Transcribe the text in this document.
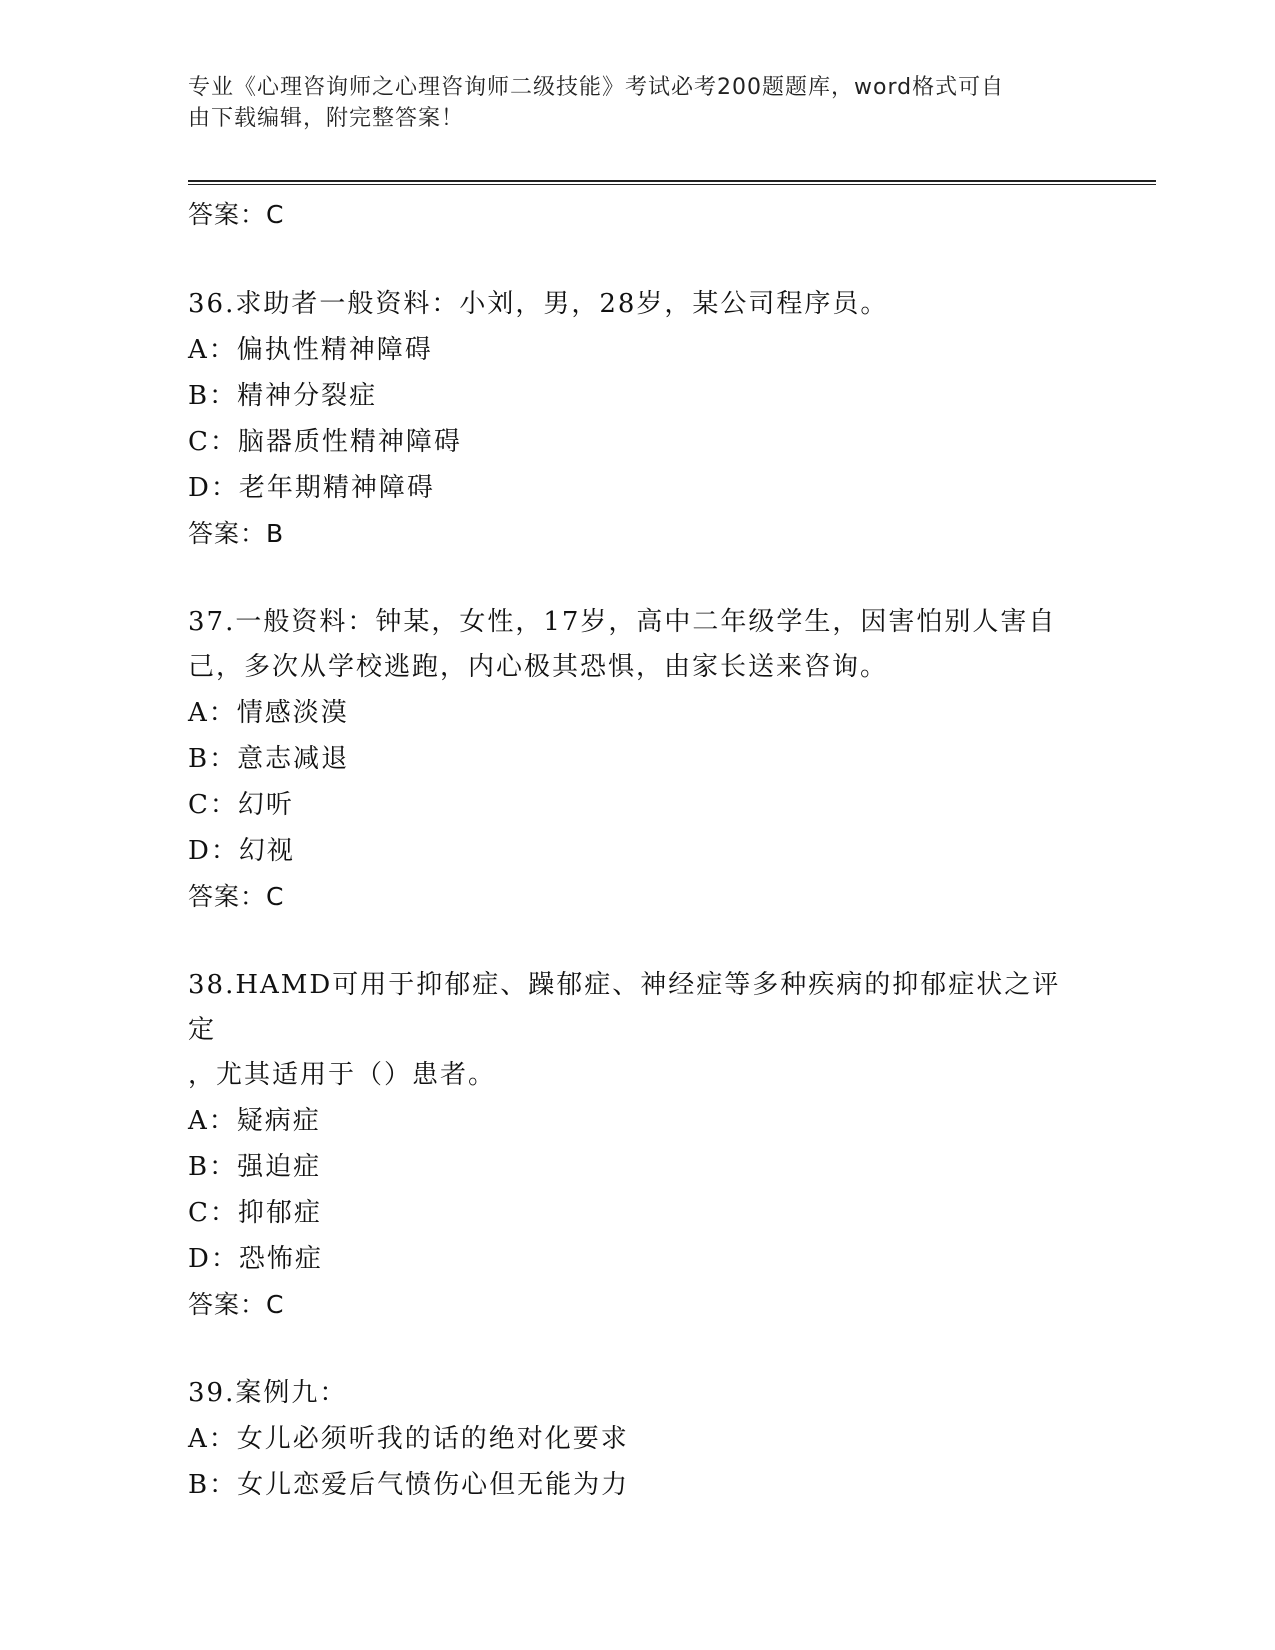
专业《心理咨询师之心理咨询师二级技能》考试必考200题题库，word格式可自
由下载编辑，附完整答案！
答案：C

36.求助者一般资料：小刘，男，28岁，某公司程序员。

A：偏执性精神障碍

B：精神分裂症

C：脑器质性精神障碍

D：老年期精神障碍

答案：B

37.一般资料：钟某，女性，17岁，高中二年级学生，因害怕别人害自

己，多次从学校逃跑，内心极其恐惧，由家长送来咨询。

A：情感淡漠

B：意志减退

C：幻听

D：幻视

答案：C

38.HAMD可用于抑郁症、躁郁症、神经症等多种疾病的抑郁症状之评定

，尤其适用于（）患者。

A：疑病症

B：强迫症

C：抑郁症

D：恐怖症

答案：C

39.案例九：

A：女儿必须听我的话的绝对化要求

B：女儿恋爱后气愤伤心但无能为力
